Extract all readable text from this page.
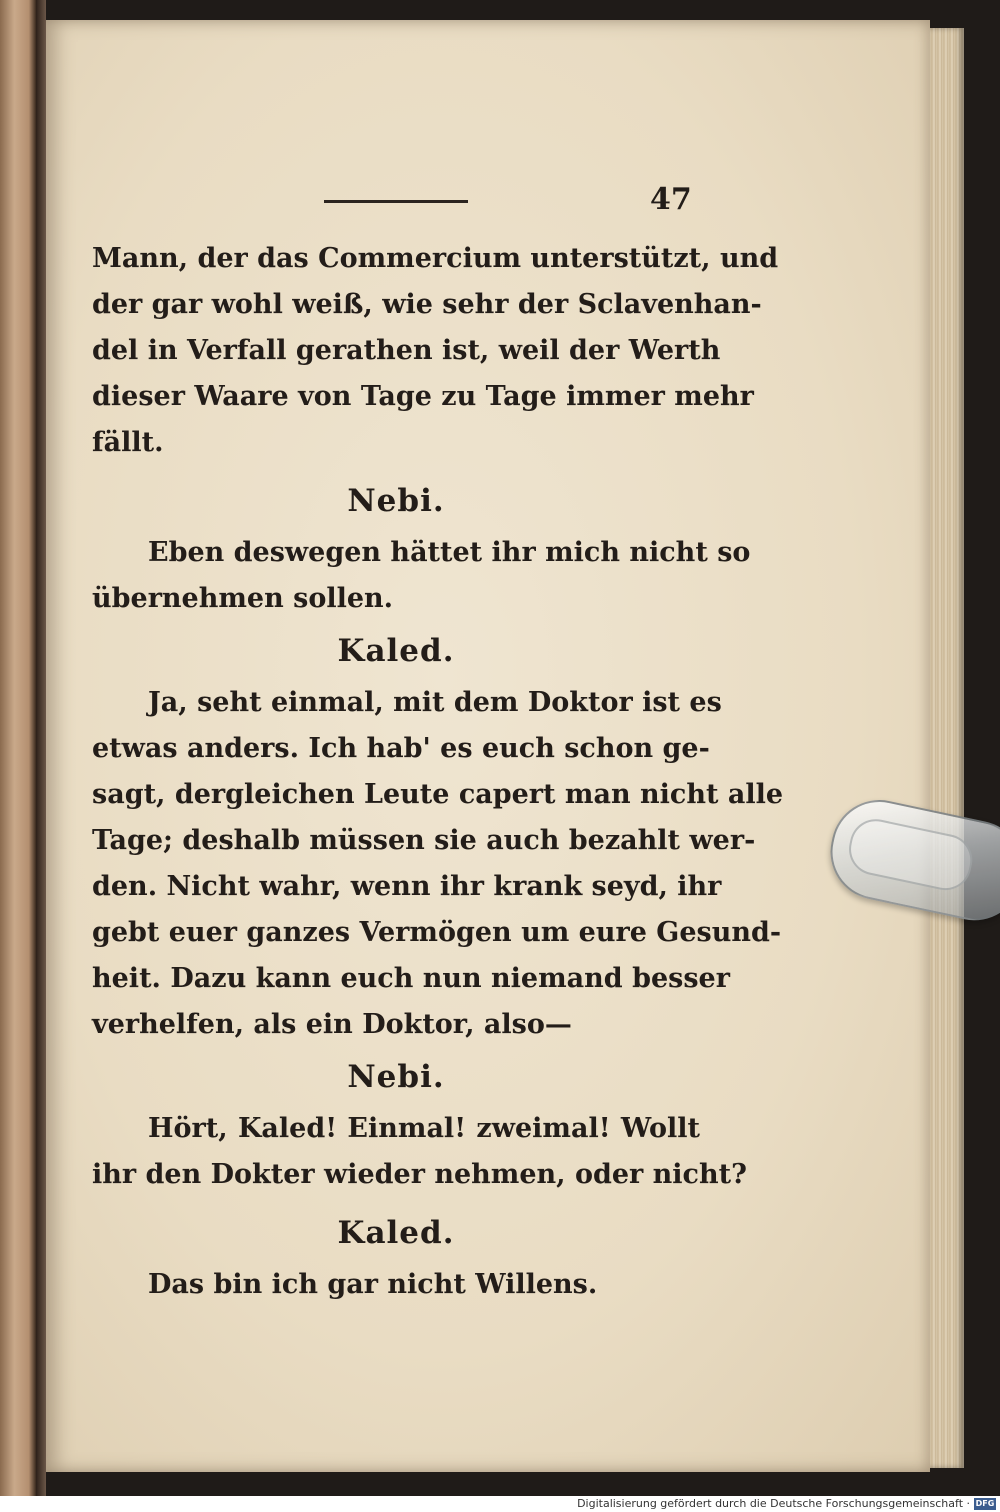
47
Mann, der das Commercium unterstützt, und
der gar wohl weiß, wie sehr der Sclavenhan-
del in Verfall gerathen ist, weil der Werth
dieser Waare von Tage zu Tage immer mehr
fällt.
Nebi.
Eben deswegen hättet ihr mich nicht so
übernehmen sollen.
Kaled.
Ja, seht einmal, mit dem Doktor ist es
etwas anders. Ich hab' es euch schon ge-
sagt, dergleichen Leute capert man nicht alle
Tage; deshalb müssen sie auch bezahlt wer-
den. Nicht wahr, wenn ihr krank seyd, ihr
gebt euer ganzes Vermögen um eure Gesund-
heit. Dazu kann euch nun niemand besser
verhelfen, als ein Doktor, also—
Nebi.
Hört, Kaled! Einmal! zweimal! Wollt
ihr den Dokter wieder nehmen, oder nicht?
Kaled.
Das bin ich gar nicht Willens.
Digitalisierung gefördert durch die Deutsche Forschungsgemeinschaft · DFG
